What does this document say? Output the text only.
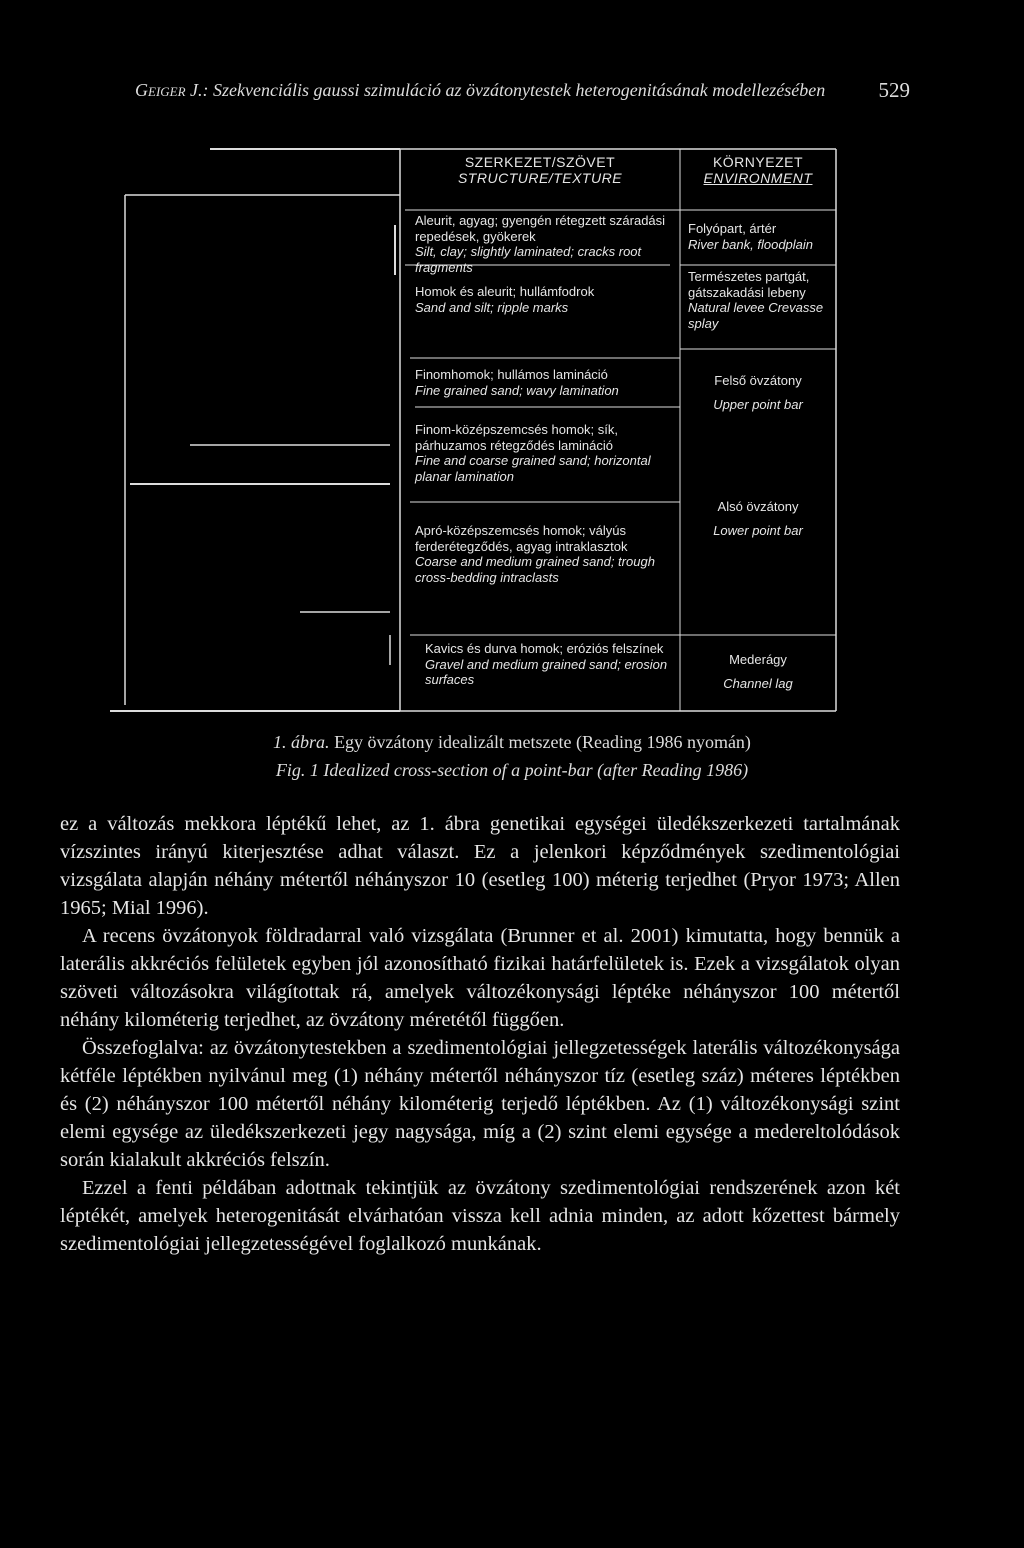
Geiger J.: Szekvenciális gaussi szimuláció az övzátonytestek heterogenitásának modellezésében	529
SZERKEZET/SZÖVET
STRUCTURE/TEXTURE
KÖRNYEZET
ENVIRONMENT
Aleurit, agyag; gyengén rétegzett száradási repedések, gyökerek
Silt, clay; slightly laminated; cracks root fragments
Homok és aleurit; hullámfodrok
Sand and silt; ripple marks
Finomhomok; hullámos lamináció
Fine grained sand; wavy lamination
Finom-középszemcsés homok; sík, párhuzamos rétegződés lamináció
Fine and coarse grained sand; horizontal planar lamination
Apró-középszemcsés homok; vályús ferderétegződés, agyag intraklasztok
Coarse and medium grained sand; trough cross-bedding intraclasts
Kavics és durva homok; eróziós felszínek
Gravel and medium grained sand; erosion surfaces
Folyópart, ártér
River bank, floodplain
Természetes partgát, gátszakadási lebeny
Natural levee Crevasse splay
Felső övzátony
Upper point bar
Alsó övzátony
Lower point bar
Mederágy
Channel lag
1. ábra. Egy övzátony idealizált metszete (Reading 1986 nyomán)
Fig. 1 Idealized cross-section of a point-bar (after Reading 1986)

ez a változás mekkora léptékű lehet, az 1. ábra genetikai egységei üledékszerkezeti tartalmának vízszintes irányú kiterjesztése adhat választ. Ez a jelenkori képződmények szedimentológiai vizsgálata alapján néhány métertől néhányszor 10 (esetleg 100) méterig terjedhet (Pryor 1973; Allen 1965; Mial 1996).

A recens övzátonyok földradarral való vizsgálata (Brunner et al. 2001) kimutatta, hogy bennük a laterális akkréciós felületek egyben jól azonosítható fizikai határfelületek is. Ezek a vizsgálatok olyan szöveti változásokra világítottak rá, amelyek változékonysági léptéke néhányszor 100 métertől néhány kilométerig terjedhet, az övzátony méretétől függően.

Összefoglalva: az övzátonytestekben a szedimentológiai jellegzetességek laterális változékonysága kétféle léptékben nyilvánul meg (1) néhány métertől néhányszor tíz (esetleg száz) méteres léptékben és (2) néhányszor 100 métertől néhány kilométerig terjedő léptékben. Az (1) változékonysági szint elemi egysége az üledékszerkezeti jegy nagysága, míg a (2) szint elemi egysége a medereltolódások során kialakult akkréciós felszín.

Ezzel a fenti példában adottnak tekintjük az övzátony szedimentológiai rendszerének azon két léptékét, amelyek heterogenitását elvárhatóan vissza kell adnia minden, az adott kőzettest bármely szedimentológiai jellegzetességével foglalkozó munkának.
